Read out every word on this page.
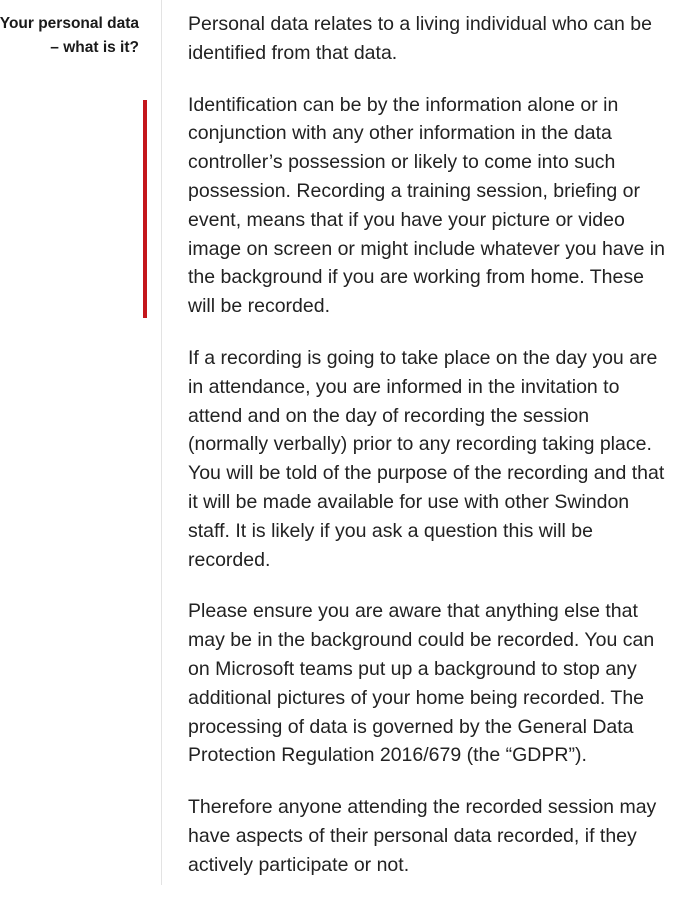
Your personal data – what is it?

Personal data relates to a living individual who can be identified from that data.

Identification can be by the information alone or in conjunction with any other information in the data controller’s possession or likely to come into such possession. Recording a training session, briefing or event, means that if you have your picture or video image on screen or might include whatever you have in the background if you are working from home. These will be recorded.

If a recording is going to take place on the day you are in attendance, you are informed in the invitation to attend and on the day of recording the session (normally verbally) prior to any recording taking place. You will be told of the purpose of the recording and that it will be made available for use with other Swindon staff. It is likely if you ask a question this will be recorded.

Please ensure you are aware that anything else that may be in the background could be recorded. You can on Microsoft teams put up a background to stop any additional pictures of your home being recorded. The processing of data is governed by the General Data Protection Regulation 2016/679 (the “GDPR”).

Therefore anyone attending the recorded session may have aspects of their personal data recorded, if they actively participate or not.
